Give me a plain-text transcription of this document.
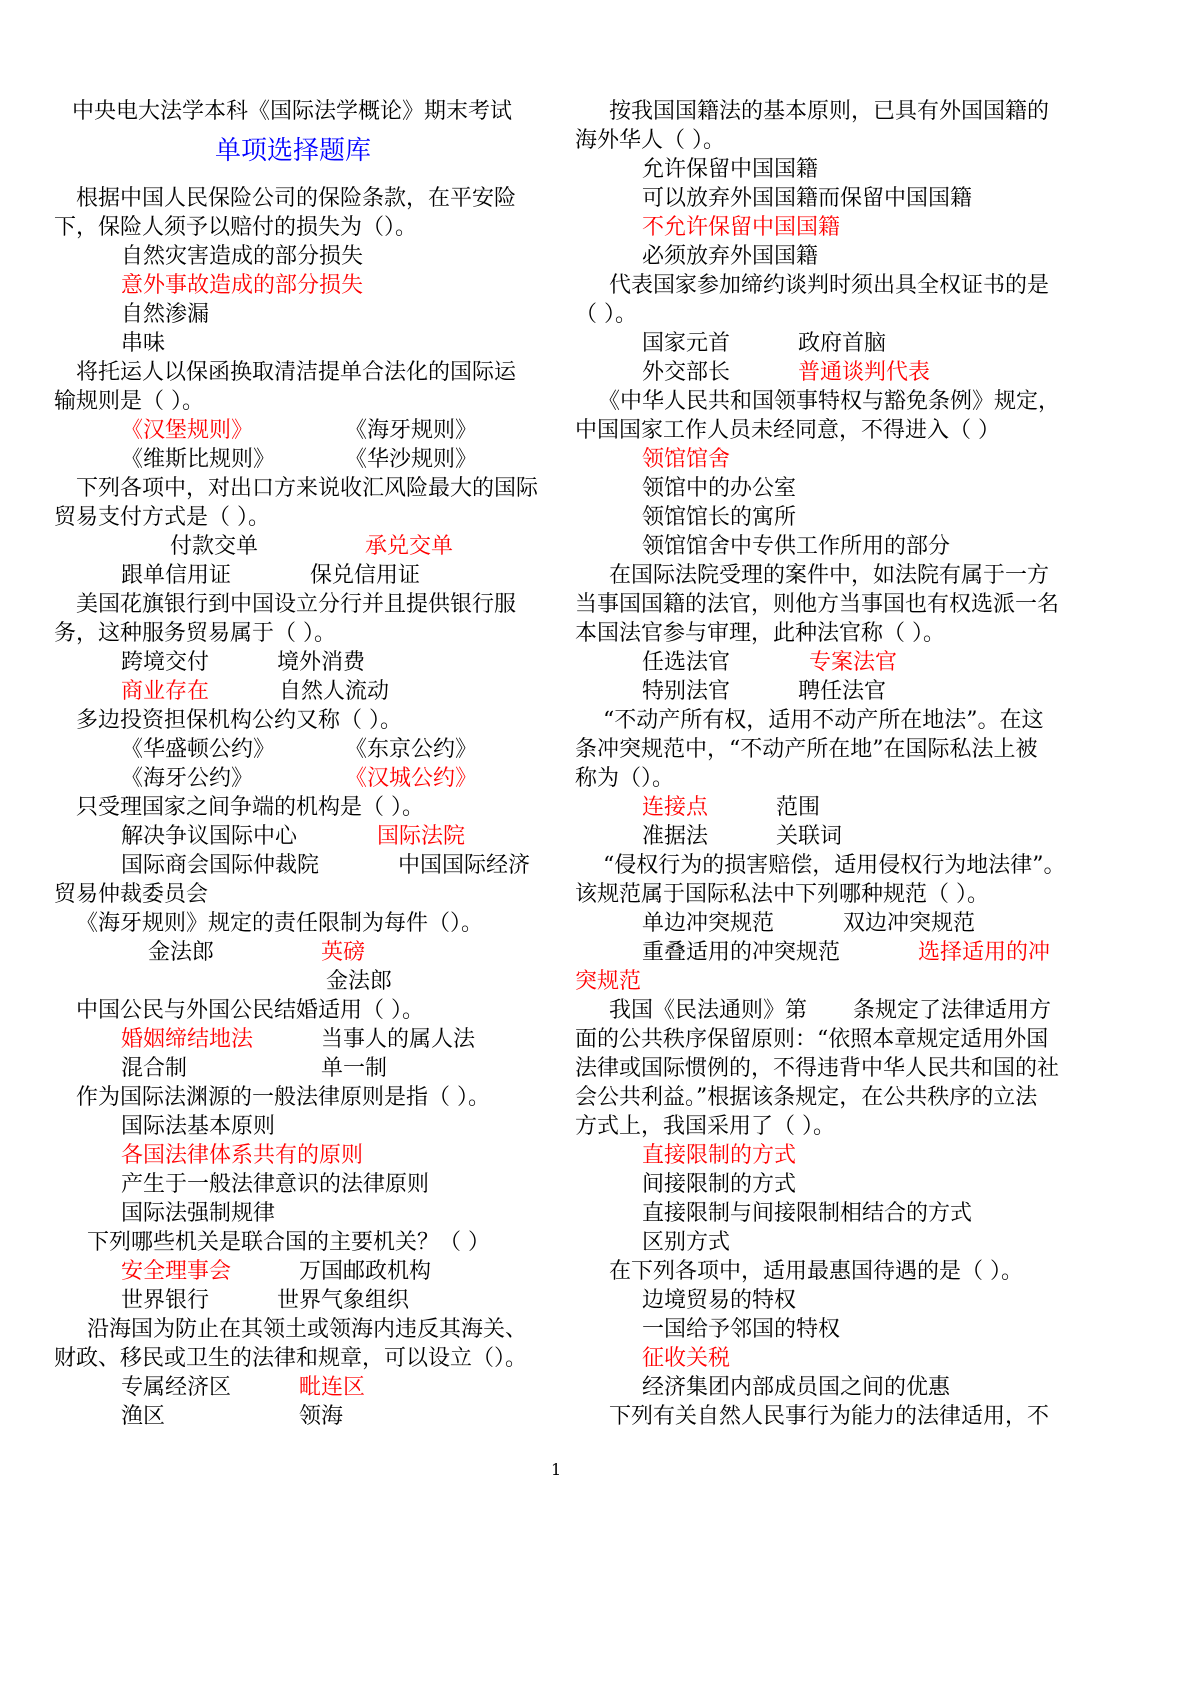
中央电大法学本科《国际法学概论》期末考试
单项选择题库
根据中国人民保险公司的保险条款，在平安险
下，保险人须予以赔付的损失为（）。
自然灾害造成的部分损失
意外事故造成的部分损失
自然渗漏
串味
将托运人以保函换取清洁提单合法化的国际运
输规则是（ ）。
《汉堡规则》	《海牙规则》
《维斯比规则》	《华沙规则》
下列各项中，对出口方来说收汇风险最大的国际
贸易支付方式是（ ）。
付款交单	承兑交单
跟单信用证	保兑信用证
美国花旗银行到中国设立分行并且提供银行服
务，这种服务贸易属于（ ）。
跨境交付	境外消费
商业存在	自然人流动
多边投资担保机构公约又称（ ）。
《华盛顿公约》	《东京公约》
《海牙公约》	《汉城公约》
只受理国家之间争端的机构是（ ）。
解决争议国际中心	国际法院
国际商会国际仲裁院	中国国际经济
贸易仲裁委员会
《海牙规则》规定的责任限制为每件（）。
金法郎	英磅
金法郎
中国公民与外国公民结婚适用（ ）。
婚姻缔结地法	当事人的属人法
混合制	单一制
作为国际法渊源的一般法律原则是指（ ）。
国际法基本原则
各国法律体系共有的原则
产生于一般法律意识的法律原则
国际法强制规律
下列哪些机关是联合国的主要机关？（ ）
安全理事会	万国邮政机构
世界银行	世界气象组织
沿海国为防止在其领土或领海内违反其海关、
财政、移民或卫生的法律和规章，可以设立（）。
专属经济区	毗连区
渔区	领海
按我国国籍法的基本原则，已具有外国国籍的
海外华人（ ）。
允许保留中国国籍
可以放弃外国国籍而保留中国国籍
不允许保留中国国籍
必须放弃外国国籍
代表国家参加缔约谈判时须出具全权证书的是
（ ）。
国家元首	政府首脑
外交部长	普通谈判代表
《中华人民共和国领事特权与豁免条例》规定，
中国国家工作人员未经同意，不得进入（ ）
领馆馆舍
领馆中的办公室
领馆馆长的寓所
领馆馆舍中专供工作所用的部分
在国际法院受理的案件中，如法院有属于一方
当事国国籍的法官，则他方当事国也有权选派一名
本国法官参与审理，此种法官称（ ）。
任选法官	专案法官
特别法官	聘任法官
“不动产所有权，适用不动产所在地法”。在这
条冲突规范中，“不动产所在地”在国际私法上被
称为（）。
连接点	范围
准据法	关联词
“侵权行为的损害赔偿，适用侵权行为地法律”。
该规范属于国际私法中下列哪种规范（ ）。
单边冲突规范	双边冲突规范
重叠适用的冲突规范	选择适用的冲
突规范
我国《民法通则》第 条规定了法律适用方
面的公共秩序保留原则：“依照本章规定适用外国
法律或国际惯例的，不得违背中华人民共和国的社
会公共利益。”根据该条规定，在公共秩序的立法
方式上，我国采用了（ ）。
直接限制的方式
间接限制的方式
直接限制与间接限制相结合的方式
区别方式
在下列各项中，适用最惠国待遇的是（ ）。
边境贸易的特权
一国给予邻国的特权
征收关税
经济集团内部成员国之间的优惠
下列有关自然人民事行为能力的法律适用，不
1
